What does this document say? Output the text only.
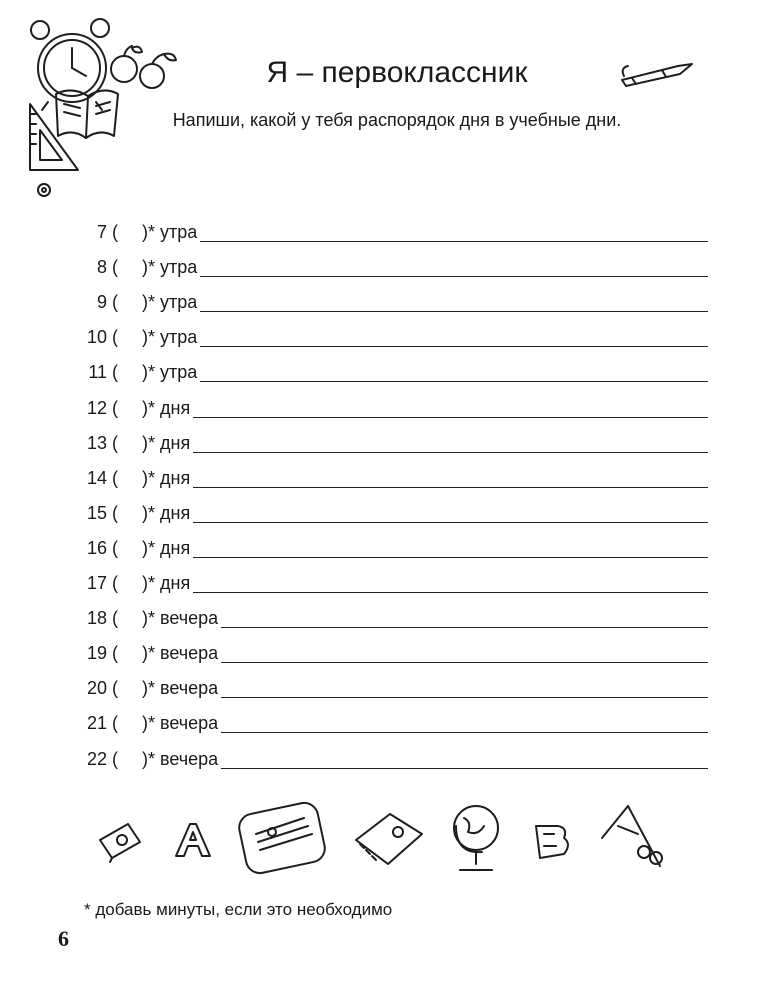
Я – первоклассник
Напиши, какой у тебя распорядок дня в учебные дни.
7 ( )* утра
8 ( )* утра
9 ( )* утра
10 ( )* утра
11 ( )* утра
12 ( )* дня
13 ( )* дня
14 ( )* дня
15 ( )* дня
16 ( )* дня
17 ( )* дня
18 ( )* вечера
19 ( )* вечера
20 ( )* вечера
21 ( )* вечера
22 ( )* вечера
* добавь минуты, если это необходимо
6
